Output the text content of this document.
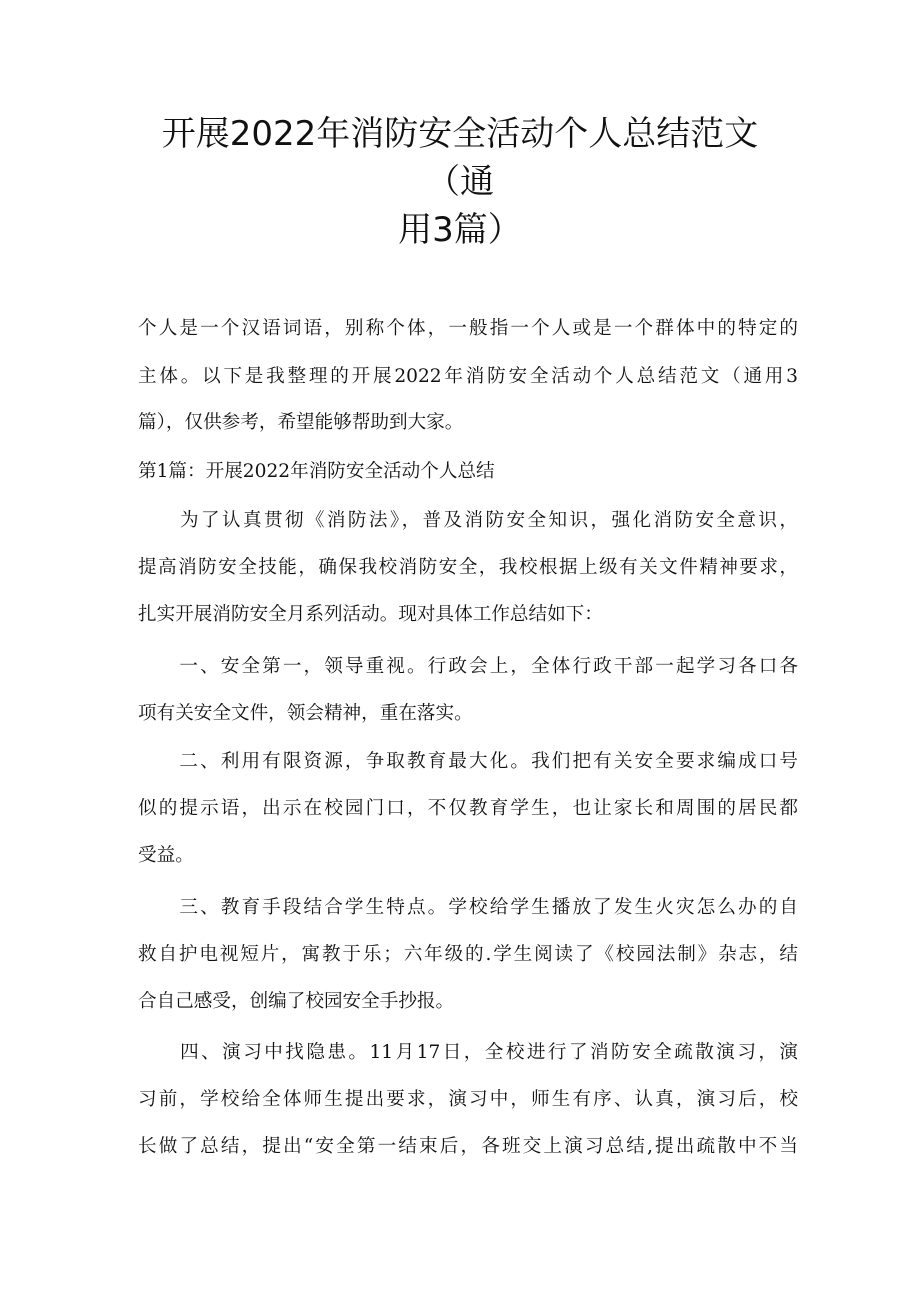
开展2022年消防安全活动个人总结范文
（通
用3篇）

个人是一个汉语词语，别称个体，一般指一个人或是一个群体中的特定的

主体。以下是我整理的开展2022年消防安全活动个人总结范文（通用3

篇），仅供参考，希望能够帮助到大家。

第1篇：开展2022年消防安全活动个人总结

　　为了认真贯彻《消防法》，普及消防安全知识，强化消防安全意识，

提高消防安全技能，确保我校消防安全，我校根据上级有关文件精神要求，

扎实开展消防安全月系列活动。现对具体工作总结如下：

　　一、安全第一，领导重视。行政会上，全体行政干部一起学习各口各

项有关安全文件，领会精神，重在落实。

　　二、利用有限资源，争取教育最大化。我们把有关安全要求编成口号

似的提示语，出示在校园门口，不仅教育学生，也让家长和周围的居民都

受益。

　　三、教育手段结合学生特点。学校给学生播放了发生火灾怎么办的自

救自护电视短片，寓教于乐；六年级的.学生阅读了《校园法制》杂志，结

合自己感受，创编了校园安全手抄报。

　　四、演习中找隐患。11月17日，全校进行了消防安全疏散演习，演

习前，学校给全体师生提出要求，演习中，师生有序、认真，演习后，校

长做了总结，提出“安全第一结束后，各班交上演习总结,提出疏散中不当
